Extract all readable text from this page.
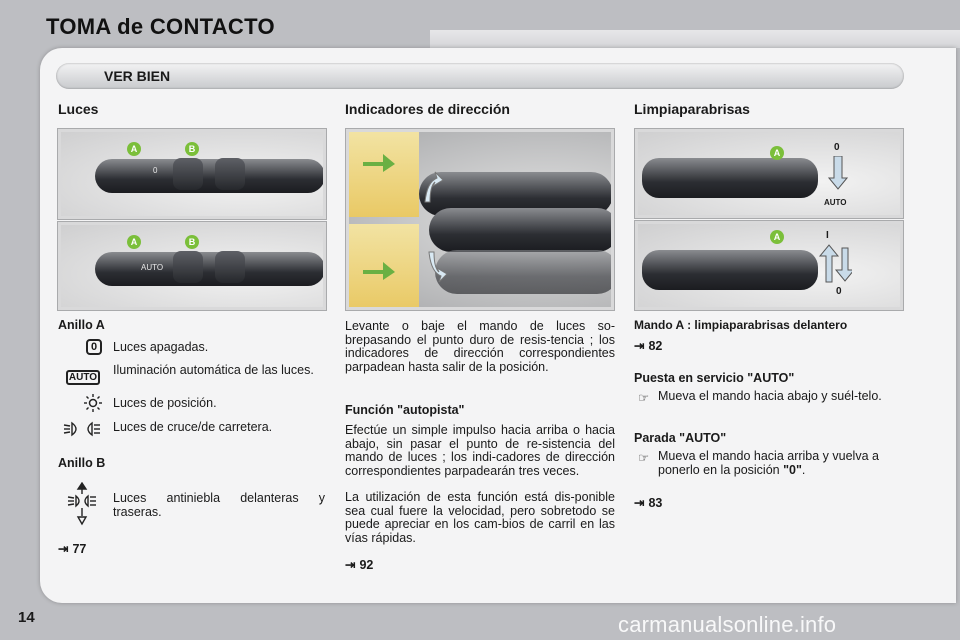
TOMA de CONTACTO
VER BIEN
Luces	Indicadores de dirección	Limpiaparabrisas
A	B
0
A	B
AUTO
A	0
AUTO
A	I
0
Anillo A
0	Luces apagadas.
AUTO
Iluminación automática de las luces.
Luces de posición.
Luces de cruce/de carretera.
Anillo B
Luces antiniebla delanteras y traseras.
⇥ 77
Levante o baje el mando de luces so-brepasando el punto duro de resis-tencia ; los indicadores de dirección correspondientes parpadean hasta salir de la posición.
Función "autopista"
Efectúe un simple impulso hacia arriba o hacia abajo, sin pasar el punto de re-sistencia del mando de luces ; los indi-cadores de dirección correspondientes parpadearán tres veces.
La utilización de esta función está dis-ponible sea cual fuere la velocidad, pero sobretodo se puede apreciar en los cam-bios de carril en las vías rápidas.
⇥ 92
Mando A : limpiaparabrisas delantero
⇥ 82
Puesta en servicio "AUTO"
☞ Mueva el mando hacia abajo y suél-telo.
Parada "AUTO"
☞ Mueva el mando hacia arriba y vuelva a ponerlo en la posición "0".
⇥ 83
14	carmanualsonline.info
